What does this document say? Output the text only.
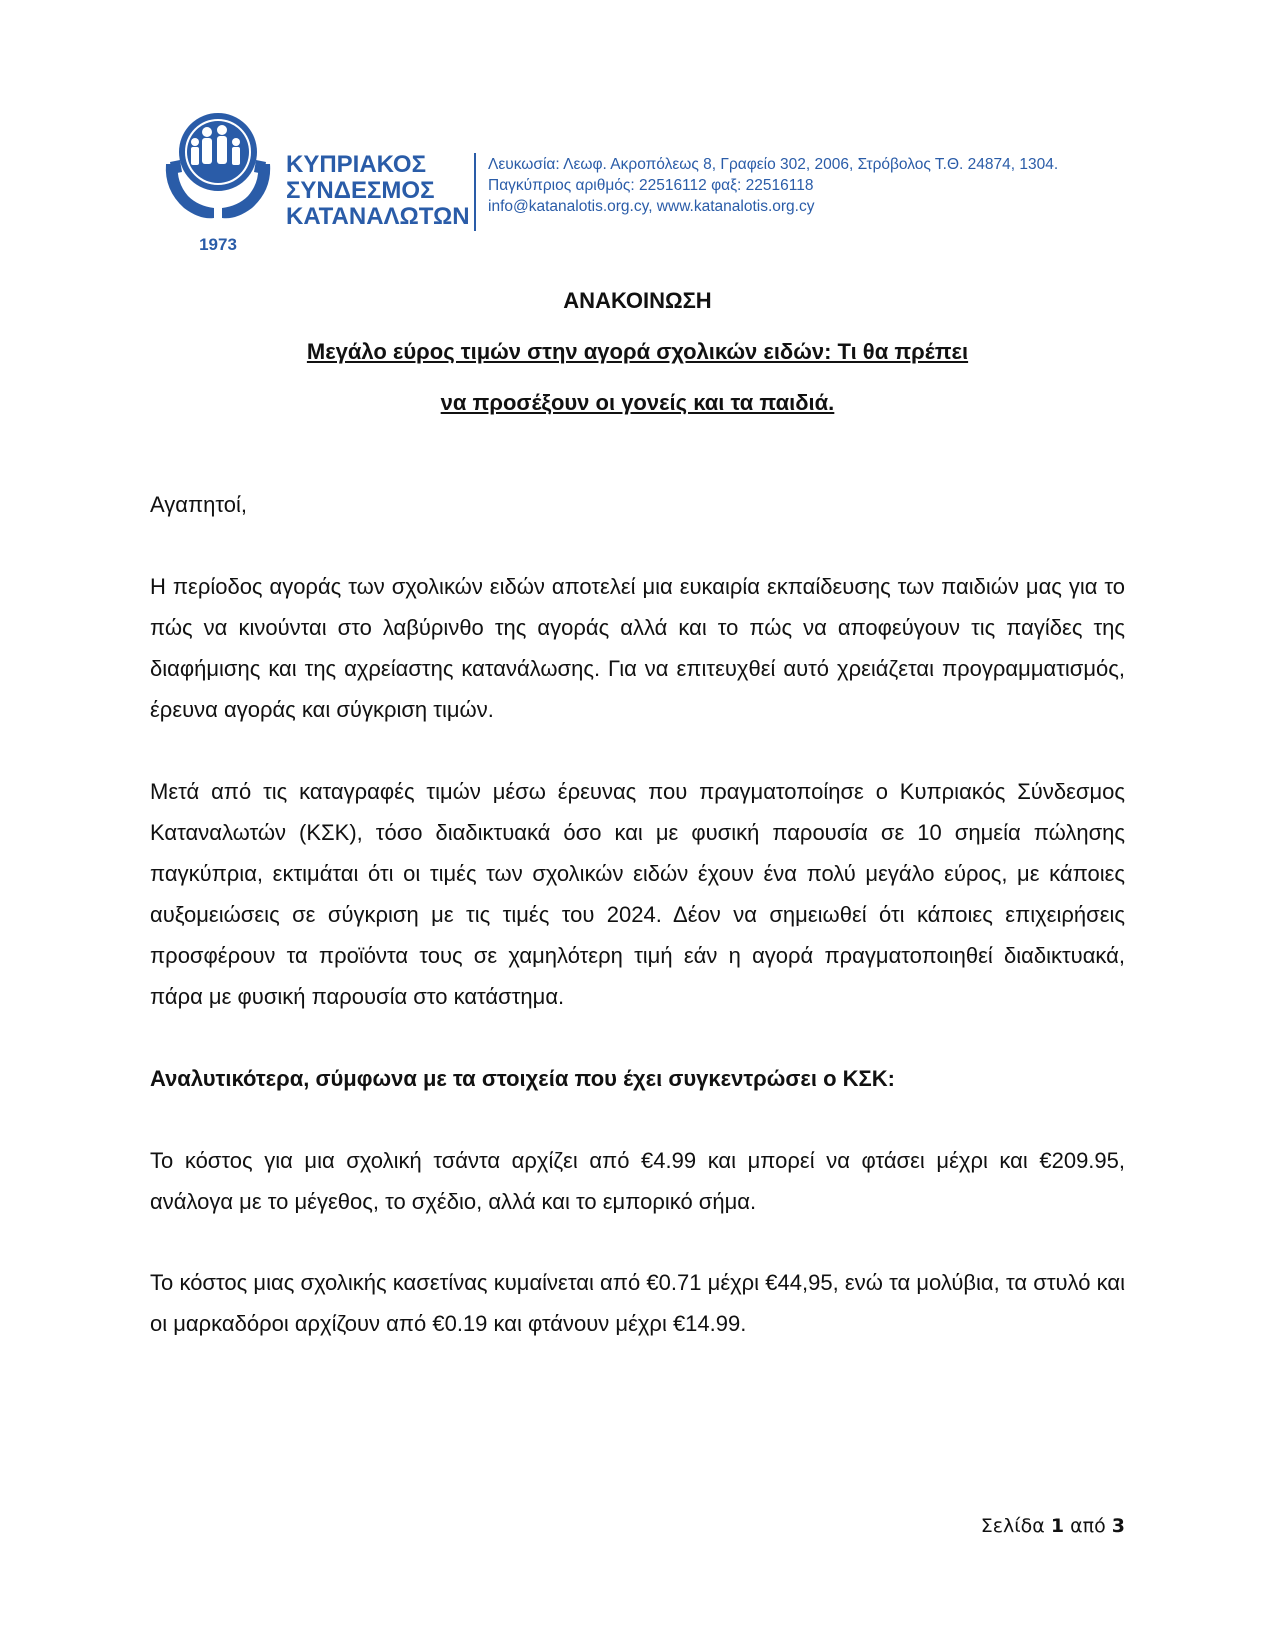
1973
ΚΥΠΡΙΑΚΟΣ
ΣΥΝΔΕΣΜΟΣ
ΚΑΤΑΝΑΛΩΤΩΝ
Λευκωσία: Λεωφ. Ακροπόλεως 8, Γραφείο 302, 2006, Στρόβολος Τ.Θ. 24874, 1304.
Παγκύπριος αριθμός: 22516112 φαξ: 22516118
info@katanalotis.org.cy, www.katanalotis.org.cy
ΑΝΑΚΟΙΝΩΣΗ
Μεγάλο εύρος τιμών στην αγορά σχολικών ειδών: Τι θα πρέπει
να προσέξουν οι γονείς και τα παιδιά.
Αγαπητοί,
Η περίοδος αγοράς των σχολικών ειδών αποτελεί μια ευκαιρία εκπαίδευσης των παιδιών μας για το πώς να κινούνται στο λαβύρινθο της αγοράς αλλά και το πώς να αποφεύγουν τις παγίδες της διαφήμισης και της αχρείαστης κατανάλωσης. Για να επιτευχθεί αυτό χρειάζεται προγραμματισμός, έρευνα αγοράς και σύγκριση τιμών.
Μετά από τις καταγραφές τιμών μέσω έρευνας που πραγματοποίησε ο Κυπριακός Σύνδεσμος Καταναλωτών (ΚΣΚ), τόσο διαδικτυακά όσο και με φυσική παρουσία σε 10 σημεία πώλησης παγκύπρια, εκτιμάται ότι οι τιμές των σχολικών ειδών έχουν ένα πολύ μεγάλο εύρος, με κάποιες αυξομειώσεις σε σύγκριση με τις τιμές του 2024. Δέον να σημειωθεί ότι κάποιες επιχειρήσεις προσφέρουν τα προϊόντα τους σε χαμηλότερη τιμή εάν η αγορά πραγματοποιηθεί διαδικτυακά, πάρα με φυσική παρουσία στο κατάστημα.
Αναλυτικότερα, σύμφωνα με τα στοιχεία που έχει συγκεντρώσει ο ΚΣΚ:
Το κόστος για μια σχολική τσάντα αρχίζει από €4.99 και μπορεί να φτάσει μέχρι και €209.95, ανάλογα με το μέγεθος, το σχέδιο, αλλά και το εμπορικό σήμα.
Το κόστος μιας σχολικής κασετίνας κυμαίνεται από €0.71 μέχρι €44,95, ενώ τα μολύβια, τα στυλό και οι μαρκαδόροι αρχίζουν από €0.19 και φτάνουν μέχρι €14.99.
Σελίδα 1 από 3
